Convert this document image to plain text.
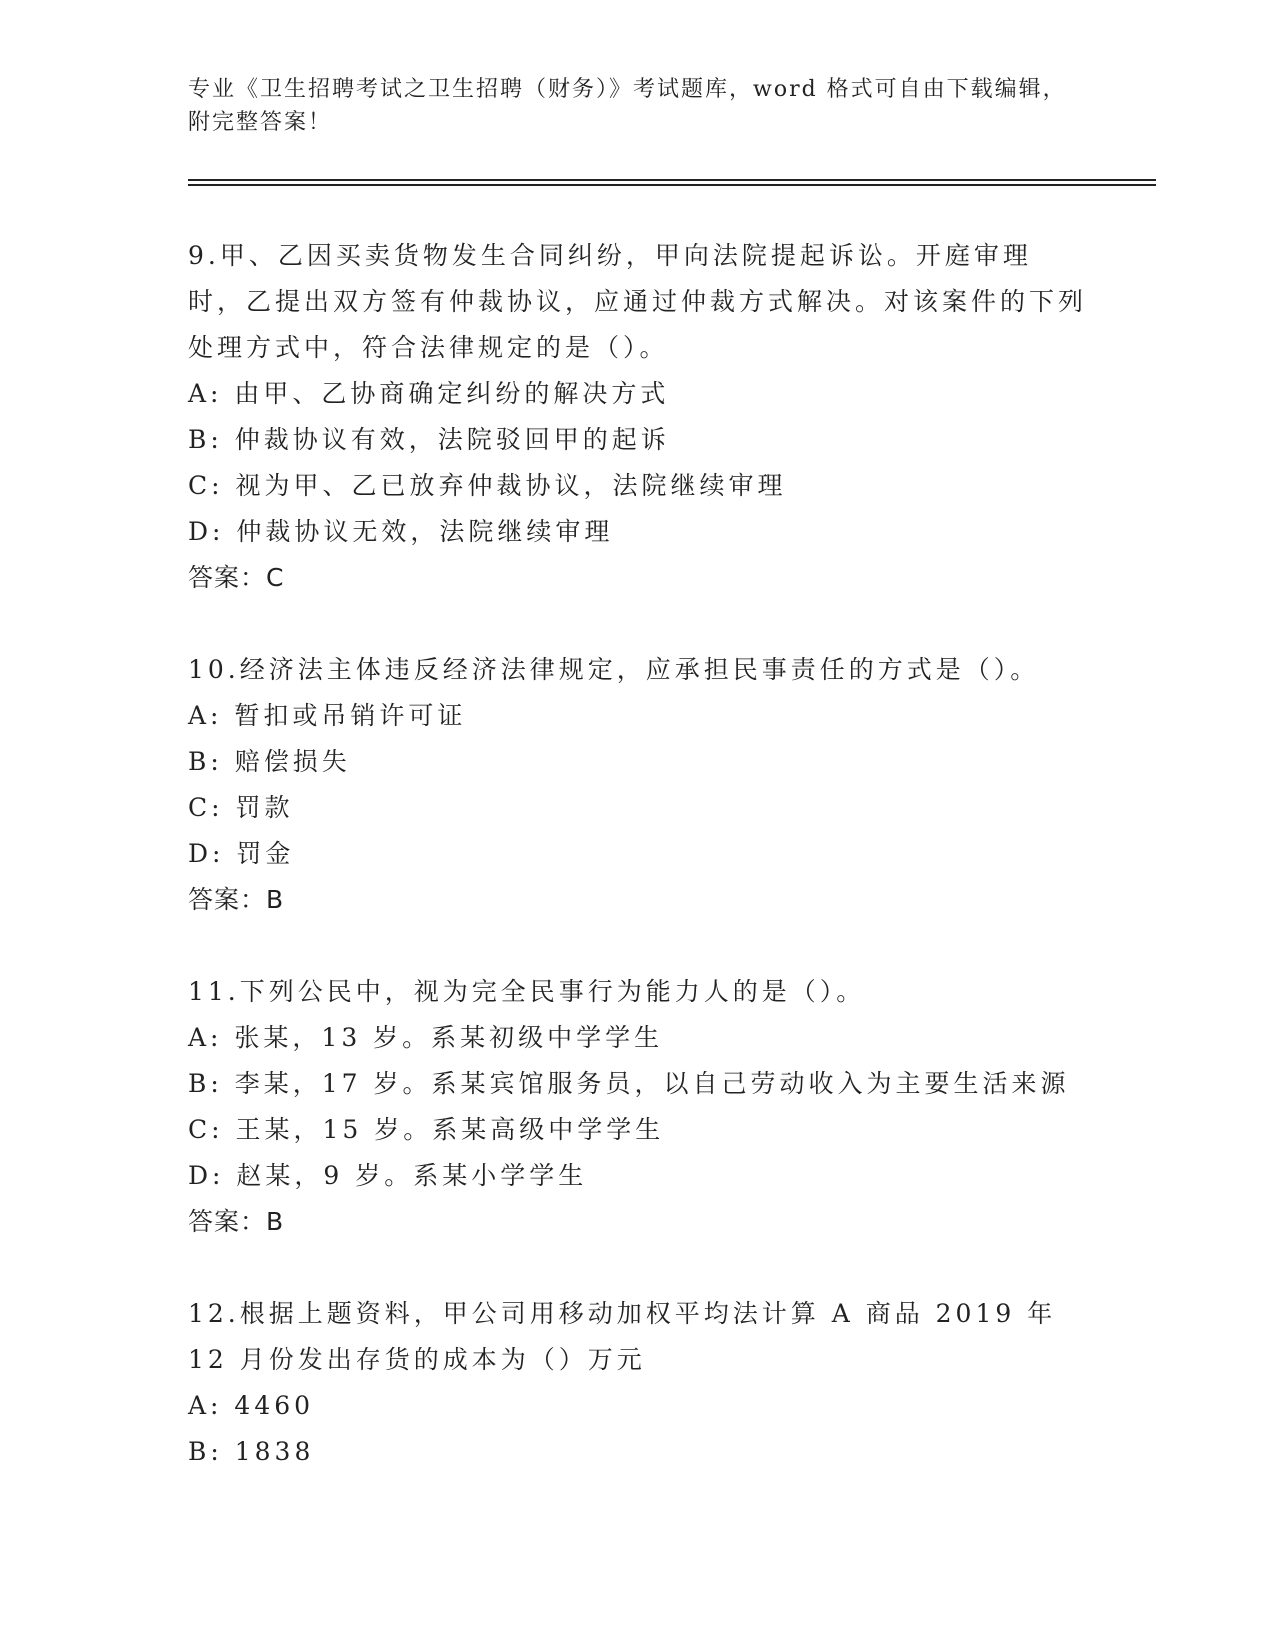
专业《卫生招聘考试之卫生招聘（财务）》考试题库，word 格式可自由下载编辑，附完整答案！
9.甲、乙因买卖货物发生合同纠纷，甲向法院提起诉讼。开庭审理时，乙提出双方签有仲裁协议，应通过仲裁方式解决。对该案件的下列处理方式中，符合法律规定的是（）。
A: 由甲、乙协商确定纠纷的解决方式
B: 仲裁协议有效，法院驳回甲的起诉
C: 视为甲、乙已放弃仲裁协议，法院继续审理
D: 仲裁协议无效，法院继续审理
答案：C
10.经济法主体违反经济法律规定，应承担民事责任的方式是（）。
A: 暂扣或吊销许可证
B: 赔偿损失
C: 罚款
D: 罚金
答案：B
11.下列公民中，视为完全民事行为能力人的是（）。
A: 张某，13 岁。系某初级中学学生
B: 李某，17 岁。系某宾馆服务员，以自己劳动收入为主要生活来源
C: 王某，15 岁。系某高级中学学生
D: 赵某，9 岁。系某小学学生
答案：B
12.根据上题资料，甲公司用移动加权平均法计算 A 商品 2019 年 12 月份发出存货的成本为（）万元
A: 4460
B: 1838
